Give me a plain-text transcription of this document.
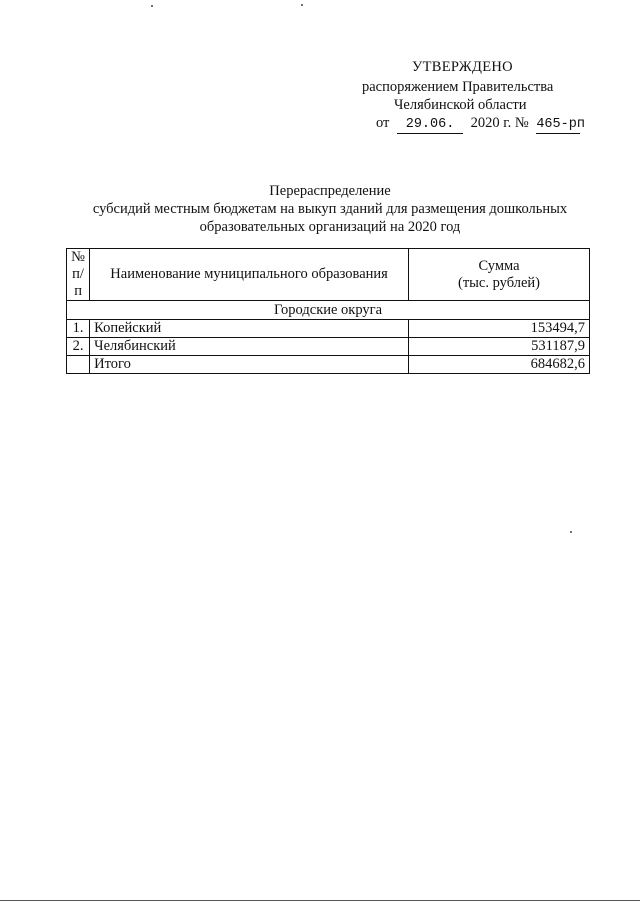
УТВЕРЖДЕНО
распоряжением Правительства
Челябинской области
от 29.06. 2020 г. № 465-рп
Перераспределение
субсидий местным бюджетам на выкуп зданий для размещения дошкольных
образовательных организаций на 2020 год
№ п/п	Наименование муниципального образования	Сумма
(тыс. рублей)

Городские округа		
1.	Копейский	153494,7
2.	Челябинский	531187,9
	Итого	684682,6
